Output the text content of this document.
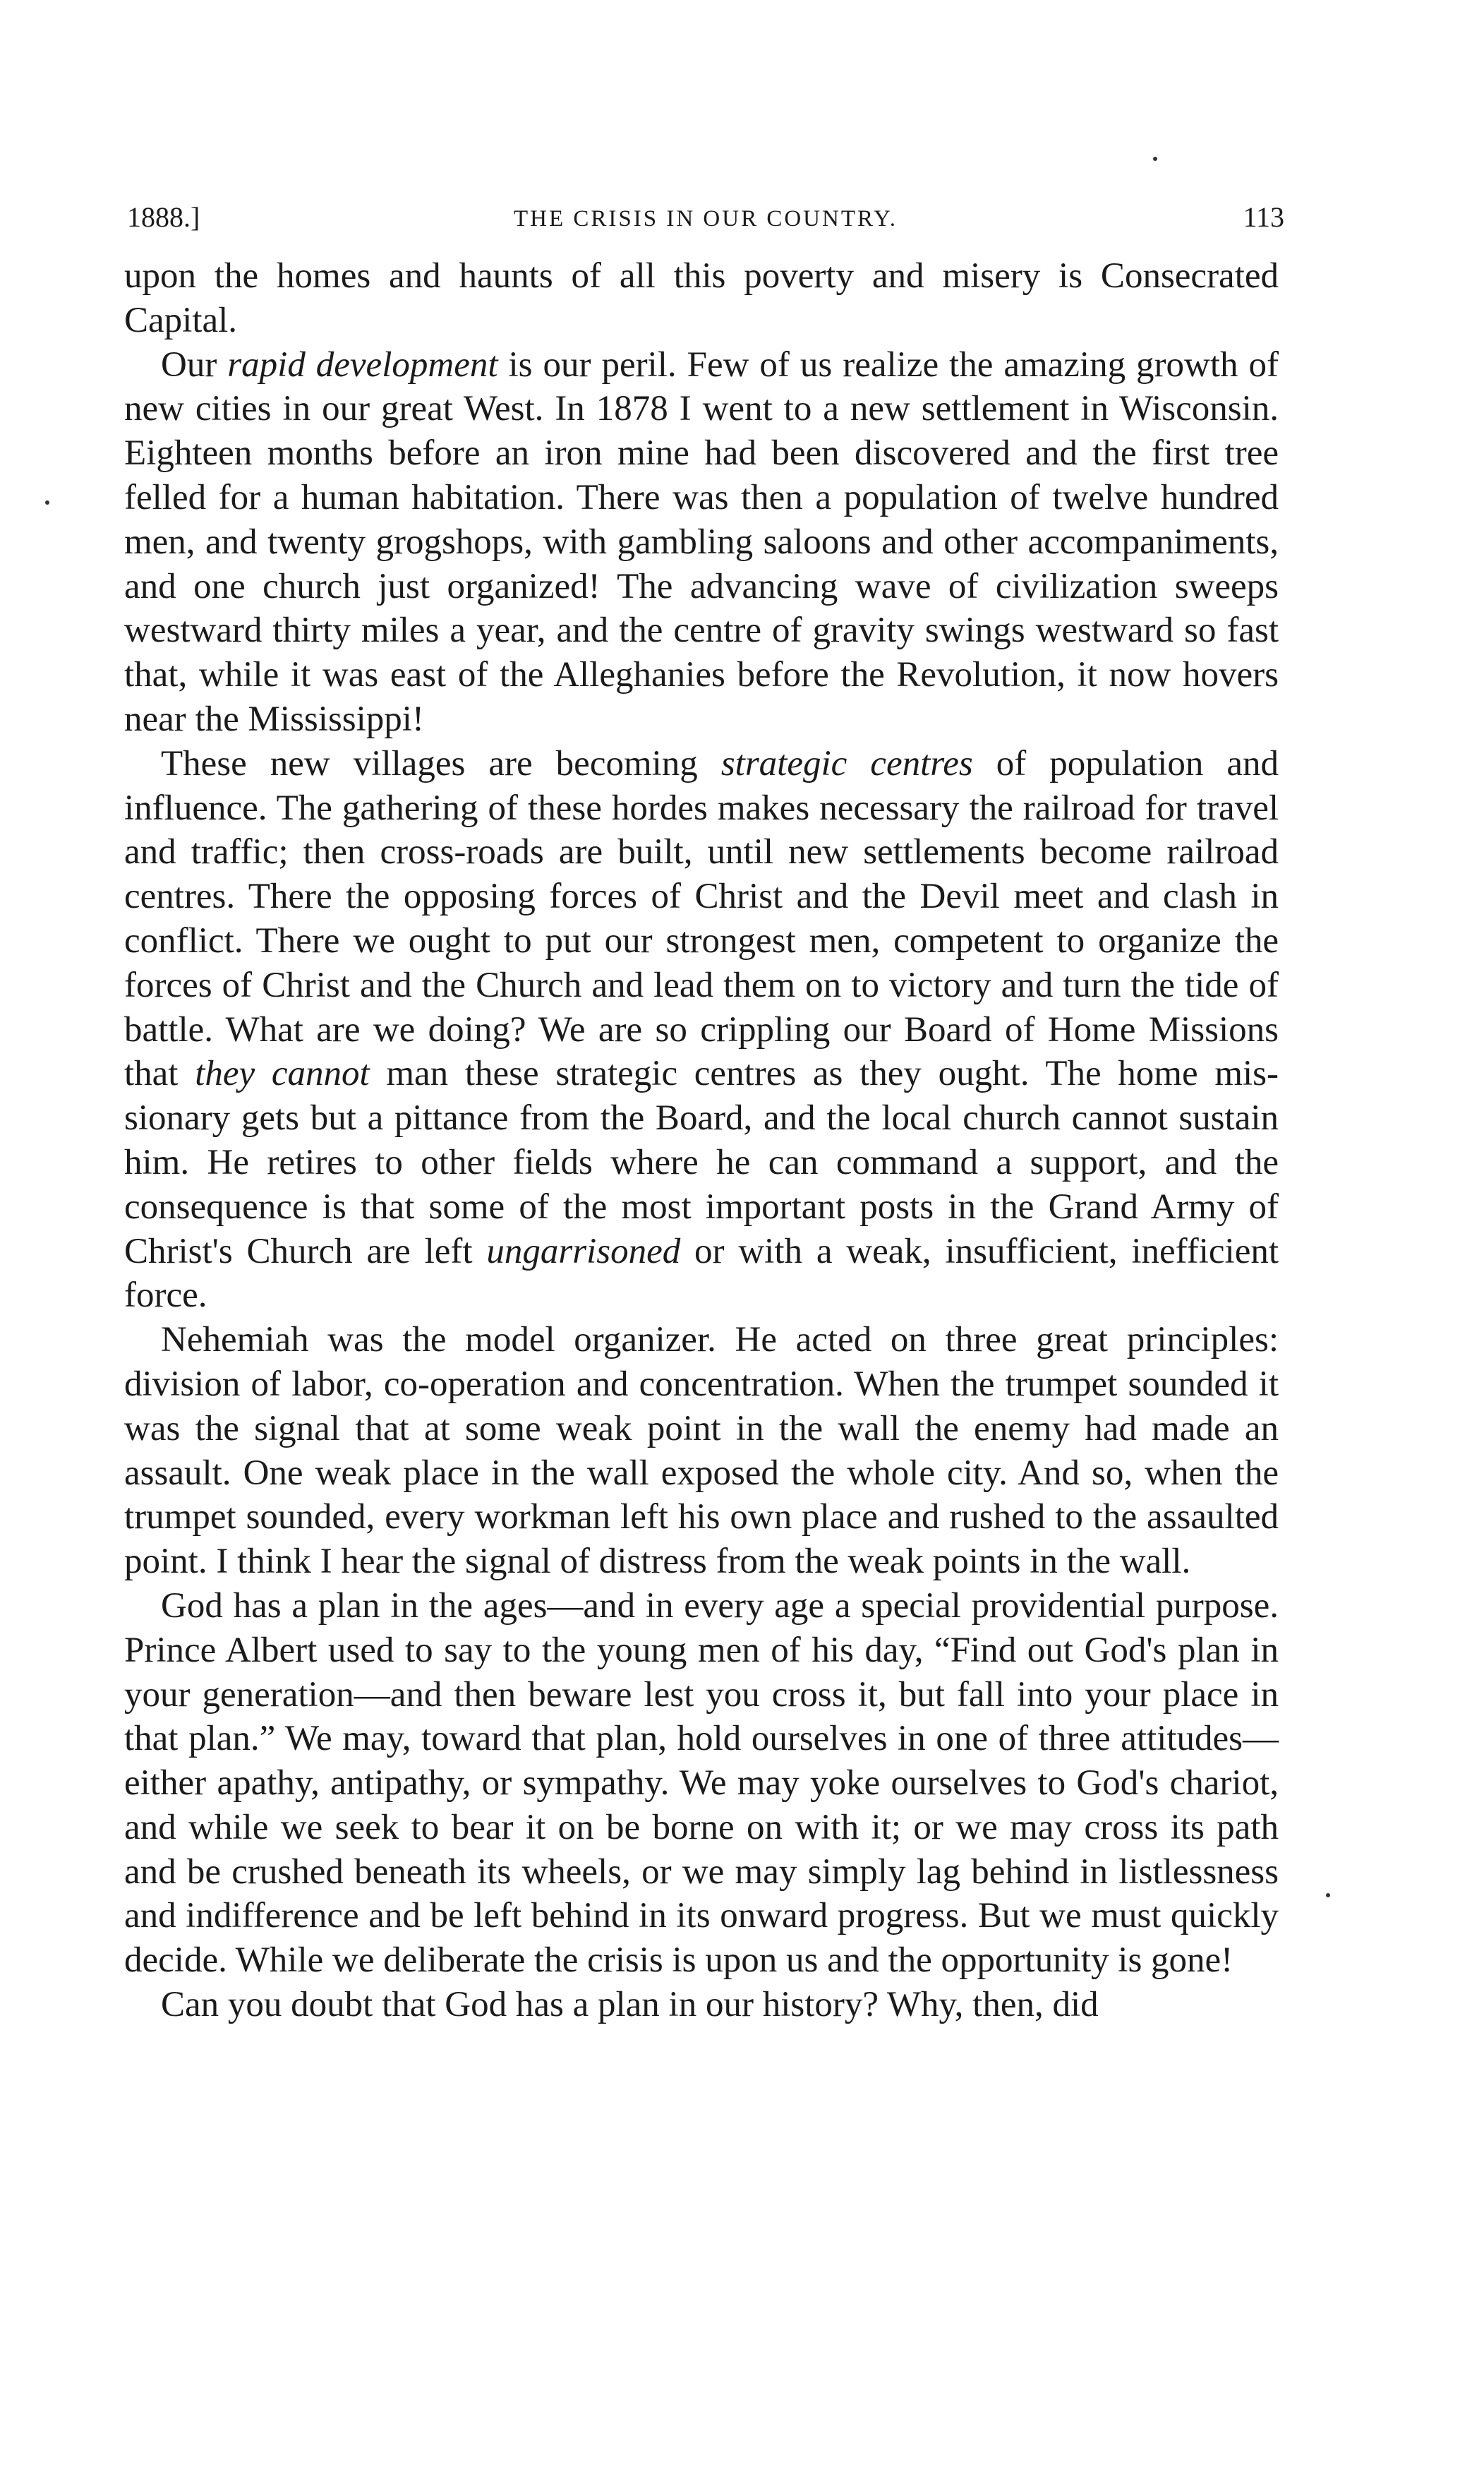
1888.]	THE CRISIS IN OUR COUNTRY.	113

upon the homes and haunts of all this poverty and misery is Consecrated Capital.

Our rapid development is our peril. Few of us realize the amazing growth of new cities in our great West. In 1878 I went to a new settlement in Wisconsin. Eighteen months before an iron mine had been discovered and the first tree felled for a human habitation. There was then a population of twelve hundred men, and twenty grogshops, with gambling saloons and other accompaniments, and one church just organized! The advancing wave of civilization sweeps westward thirty miles a year, and the centre of gravity swings westward so fast that, while it was east of the Alleghanies before the Revolution, it now hovers near the Mississippi!

These new villages are becoming strategic centres of population and influence. The gathering of these hordes makes necessary the railroad for travel and traffic; then cross-roads are built, until new settlements become railroad centres. There the opposing forces of Christ and the Devil meet and clash in conflict. There we ought to put our strongest men, competent to organize the forces of Christ and the Church and lead them on to victory and turn the tide of battle. What are we doing? We are so crippling our Board of Home Missions that they cannot man these strategic centres as they ought. The home missionary gets but a pittance from the Board, and the local church cannot sustain him. He retires to other fields where he can command a support, and the consequence is that some of the most important posts in the Grand Army of Christ's Church are left ungarrisoned or with a weak, insufficient, inefficient force.

Nehemiah was the model organizer. He acted on three great principles: division of labor, co-operation and concentration. When the trumpet sounded it was the signal that at some weak point in the wall the enemy had made an assault. One weak place in the wall exposed the whole city. And so, when the trumpet sounded, every workman left his own place and rushed to the assaulted point. I think I hear the signal of distress from the weak points in the wall.

God has a plan in the ages—and in every age a special providential purpose. Prince Albert used to say to the young men of his day, “Find out God's plan in your generation—and then beware lest you cross it, but fall into your place in that plan.” We may, toward that plan, hold ourselves in one of three attitudes—either apathy, antipathy, or sympathy. We may yoke ourselves to God's chariot, and while we seek to bear it on be borne on with it; or we may cross its path and be crushed beneath its wheels, or we may simply lag behind in listlessness and indifference and be left behind in its onward progress. But we must quickly decide. While we deliberate the crisis is upon us and the opportunity is gone!

Can you doubt that God has a plan in our history? Why, then, did
